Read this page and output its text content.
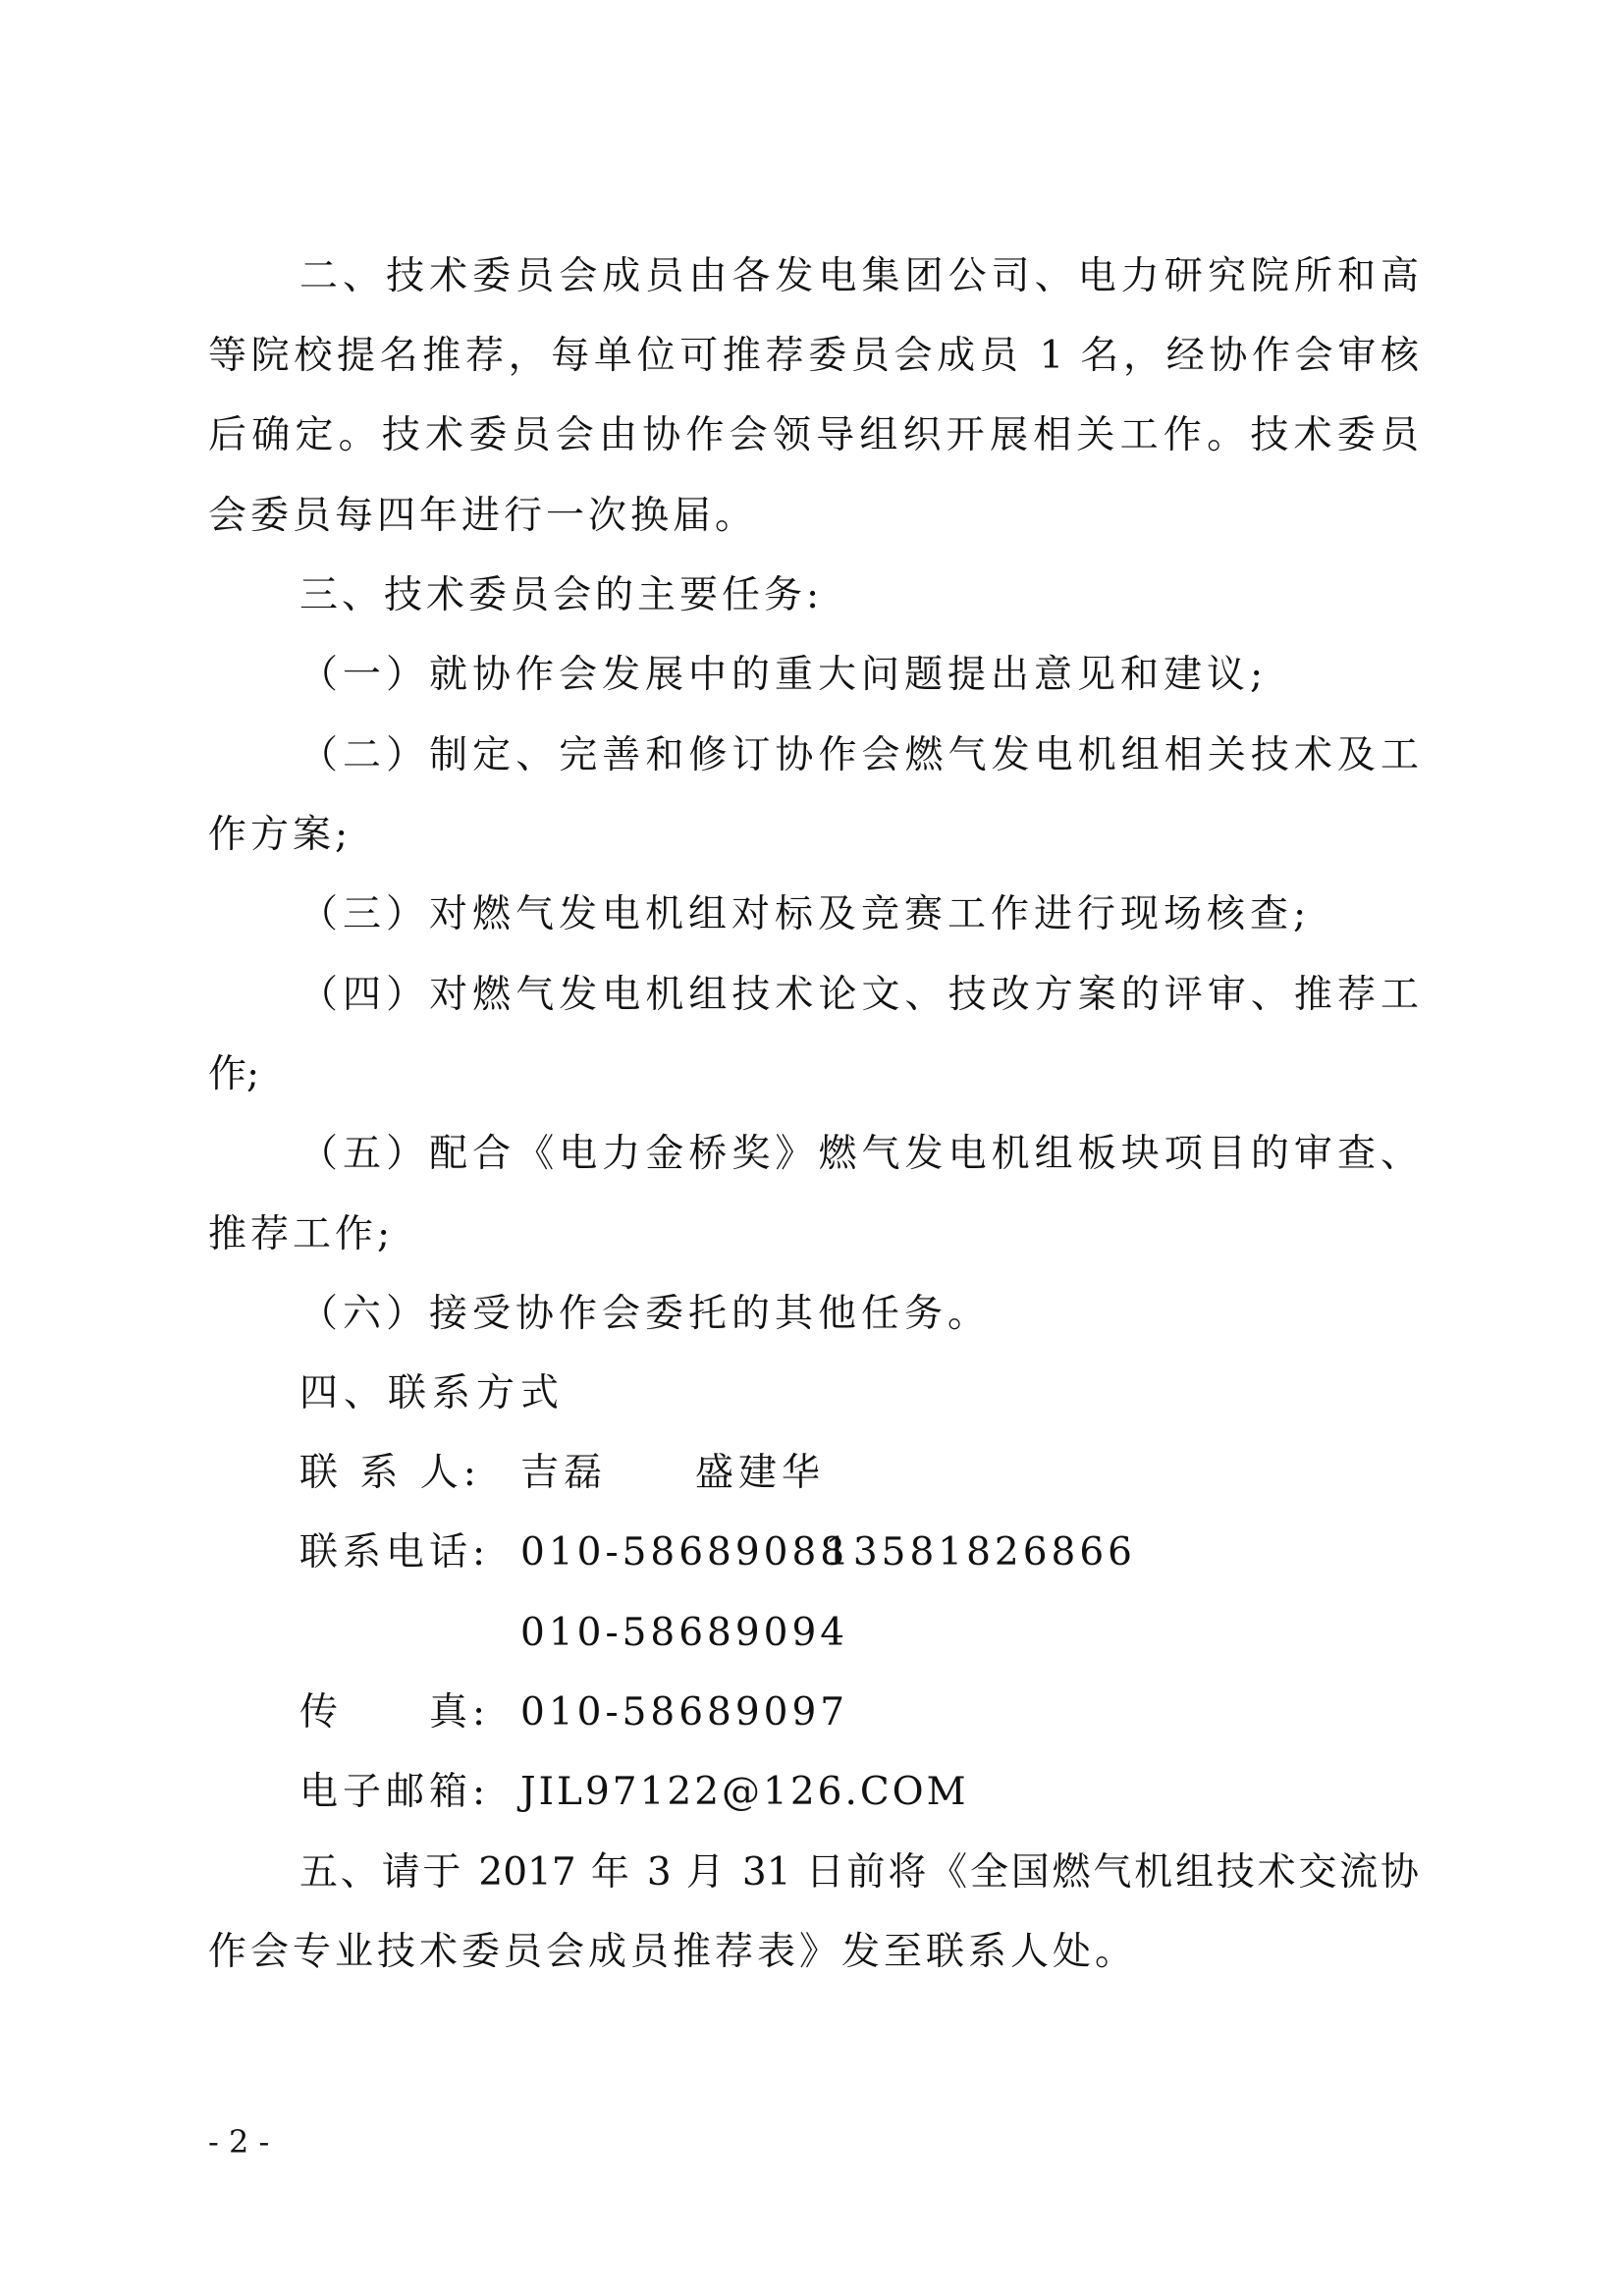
二、技术委员会成员由各发电集团公司、电力研究院所和高

等院校提名推荐，每单位可推荐委员会成员 1 名，经协作会审核

后确定。技术委员会由协作会领导组织开展相关工作。技术委员

会委员每四年进行一次换届。

三、技术委员会的主要任务:

（一）就协作会发展中的重大问题提出意见和建议;

（二）制定、完善和修订协作会燃气发电机组相关技术及工

作方案;

（三）对燃气发电机组对标及竞赛工作进行现场核查;

（四）对燃气发电机组技术论文、技改方案的评审、推荐工

作;

（五）配合《电力金桥奖》燃气发电机组板块项目的审查、

推荐工作;

（六）接受协作会委托的其他任务。

四、联系方式

联 系 人: 吉磊 盛建华
联系电话: 010-58689088
13581826866
010-58689094
传　　真: 010-58689097
电子邮箱: JIL97122@126.COM

五、请于 2017 年 3 月 31 日前将《全国燃气机组技术交流协

作会专业技术委员会成员推荐表》发至联系人处。

- 2 -
